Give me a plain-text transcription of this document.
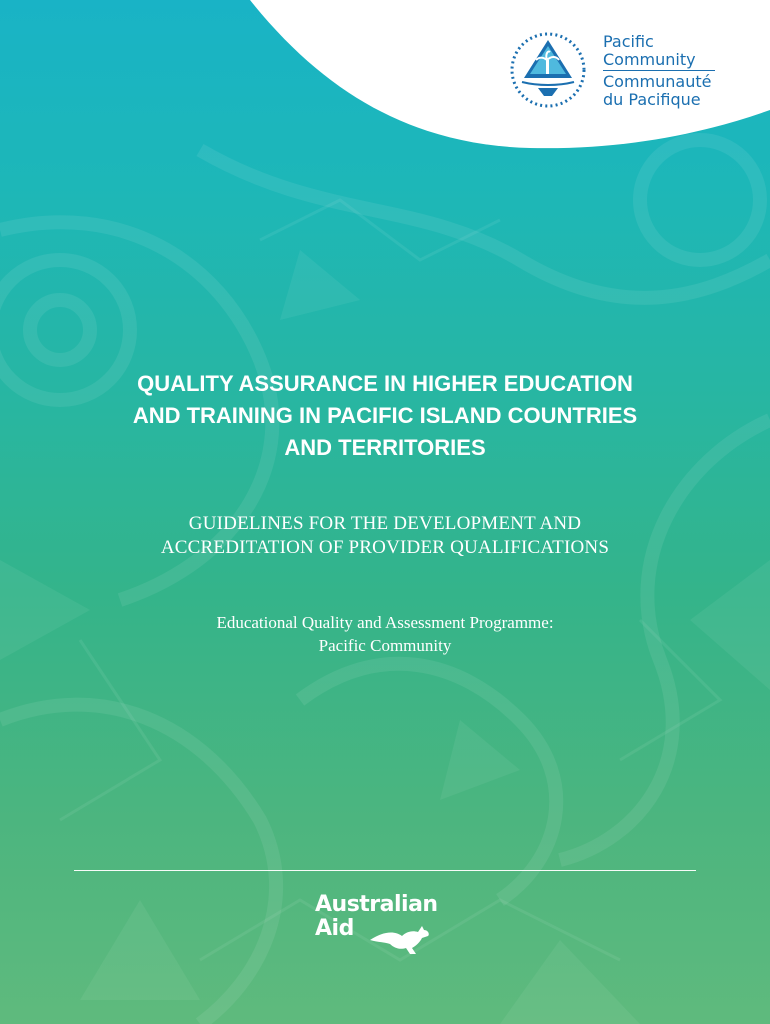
Pacific
Community
Communauté
du Pacifique
QUALITY ASSURANCE IN HIGHER EDUCATION
AND TRAINING IN PACIFIC ISLAND COUNTRIES
AND TERRITORIES
GUIDELINES FOR THE DEVELOPMENT AND
ACCREDITATION OF PROVIDER QUALIFICATIONS
Educational Quality and Assessment Programme:
Pacific Community
Australian
Aid
